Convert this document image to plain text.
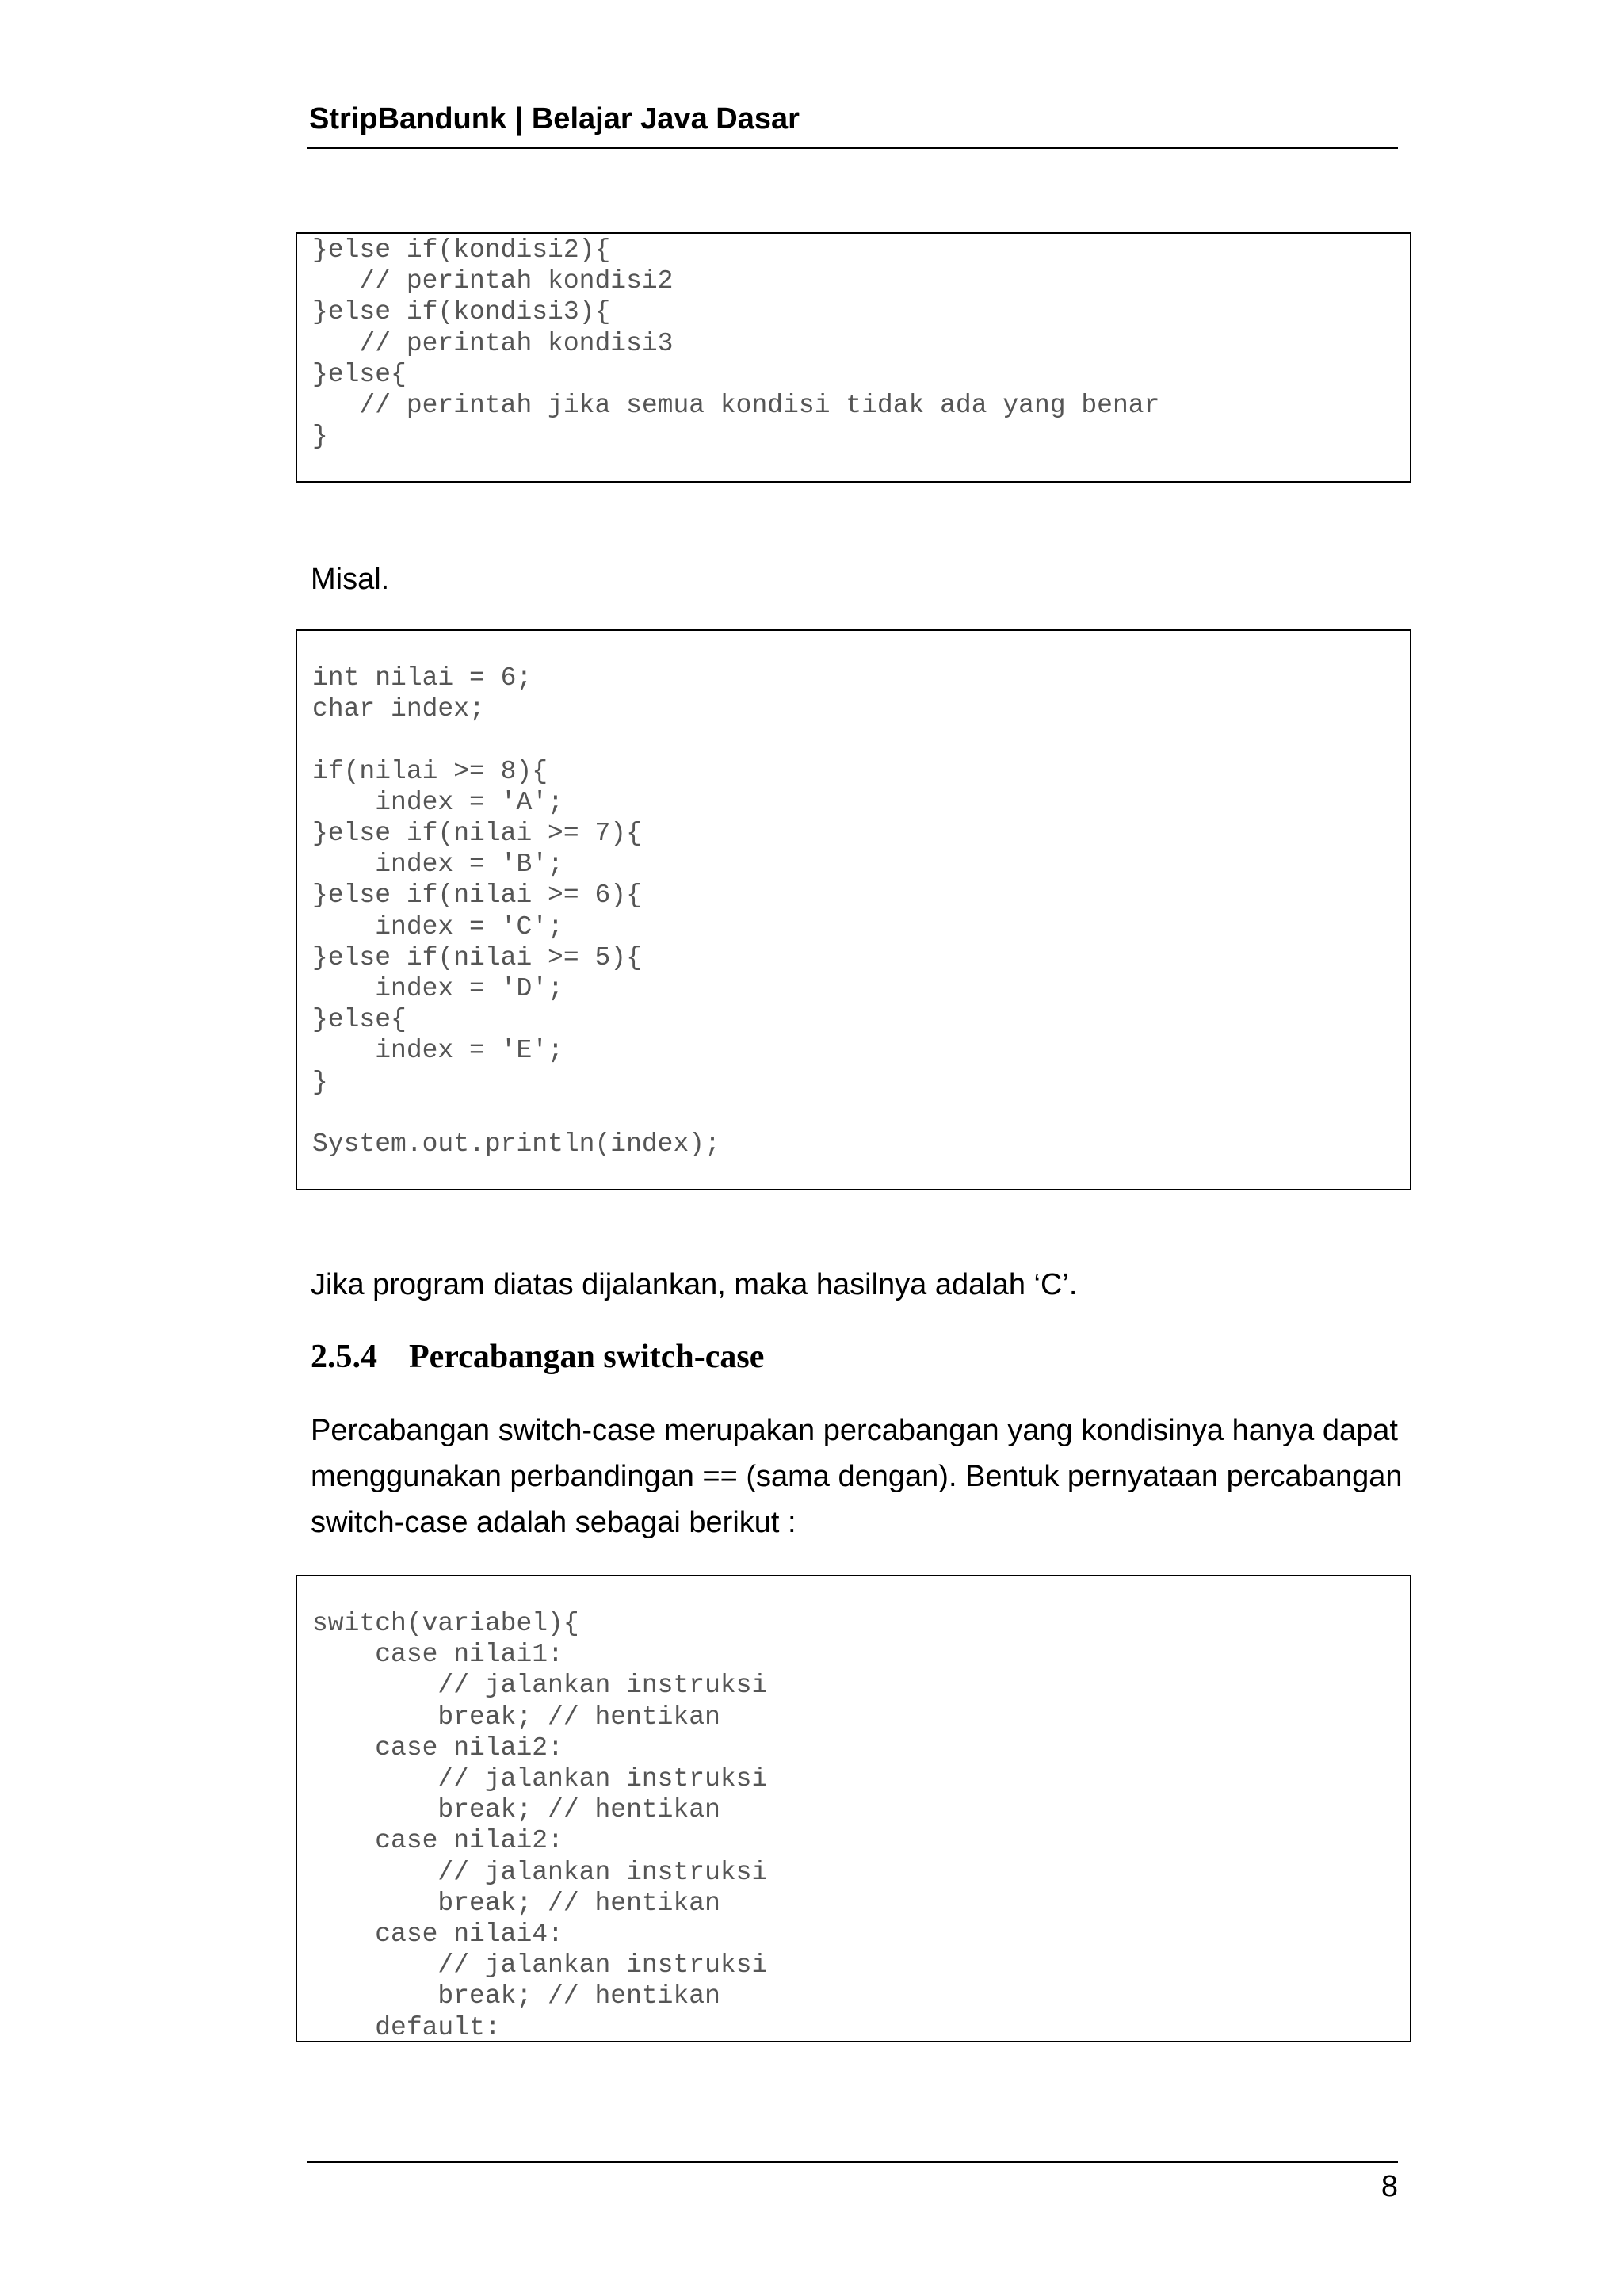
StripBandunk | Belajar Java Dasar
}else if(kondisi2){
// perintah kondisi2
}else if(kondisi3){
// perintah kondisi3
}else{
// perintah jika semua kondisi tidak ada yang benar
}
Misal.
int nilai = 6;
char index;

if(nilai >= 8){
index = 'A';
}else if(nilai >= 7){
index = 'B';
}else if(nilai >= 6){
index = 'C';
}else if(nilai >= 5){
index = 'D';
}else{
index = 'E';
}

System.out.println(index);
Jika program diatas dijalankan, maka hasilnya adalah ‘C’.
2.5.4 Percabangan switch-case
Percabangan switch-case merupakan percabangan yang kondisinya hanya dapat
menggunakan perbandingan == (sama dengan). Bentuk pernyataan percabangan
switch-case adalah sebagai berikut :
switch(variabel){
case nilai1:
// jalankan instruksi
break; // hentikan
case nilai2:
// jalankan instruksi
break; // hentikan
case nilai2:
// jalankan instruksi
break; // hentikan
case nilai4:
// jalankan instruksi
break; // hentikan
default:
8
